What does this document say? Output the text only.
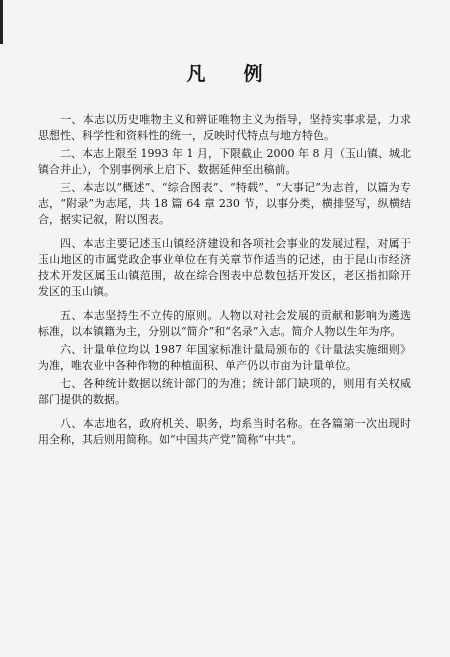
凡 例

一、本志以历史唯物主义和辨证唯物主义为指导，坚持实事求是，力求思想性、科学性和资料性的统一，反映时代特点与地方特色。

二、本志上限至 1993 年 1 月，下限截止 2000 年 8 月（玉山镇、城北镇合并止），个别事例承上启下、数据延伸至出稿前。

三、本志以“概述”、“综合图表”、“特载”、“大事记”为志首，以篇为专志，“附录”为志尾，共 18 篇 64 章 230 节，以事分类，横排竖写，纵横结合，据实记叙，附以图表。

四、本志主要记述玉山镇经济建设和各项社会事业的发展过程，对属于玉山地区的市属党政企事业单位在有关章节作适当的记述，由于昆山市经济技术开发区属玉山镇范围，故在综合图表中总数包括开发区，老区指扣除开发区的玉山镇。

五、本志坚持生不立传的原则。人物以对社会发展的贡献和影响为遴选标准，以本镇籍为主，分别以“简介”和“名录”入志。简介人物以生年为序。

六、计量单位均以 1987 年国家标准计量局颁布的《计量法实施细则》为准，唯农业中各种作物的种植面积、单产仍以市亩为计量单位。

七、各种统计数据以统计部门的为准；统计部门缺项的，则用有关权威部门提供的数据。

八、本志地名，政府机关、职务，均系当时名称。在各篇第一次出现时用全称，其后则用简称。如“中国共产党”简称“中共”。
